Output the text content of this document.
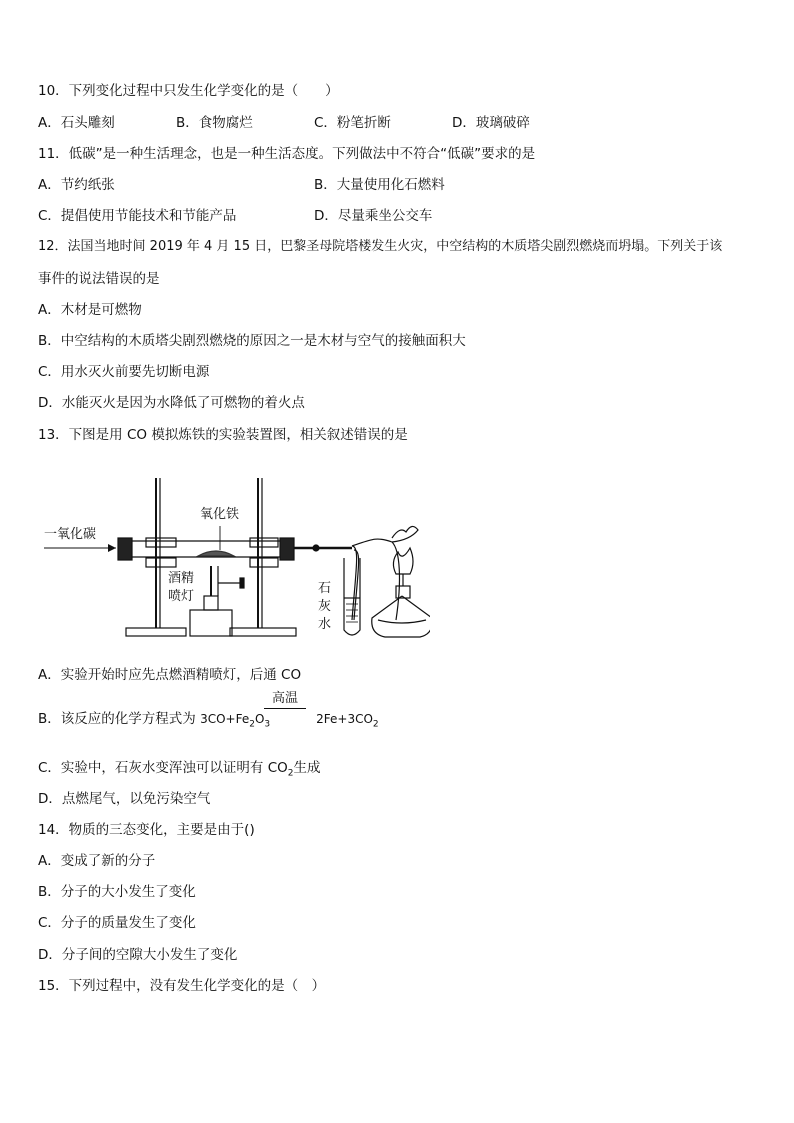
10．下列变化过程中只发生化学变化的是（　　）
A．石头雕刻	B．食物腐烂	C．粉笔折断	D．玻璃破碎
11．低碳”是一种生活理念，也是一种生活态度。下列做法中不符合“低碳”要求的是
A．节约纸张	B．大量使用化石燃料
C．提倡使用节能技术和节能产品	D．尽量乘坐公交车
12．法国当地时间 2019 年 4 月 15 日，巴黎圣母院塔楼发生火灾，中空结构的木质塔尖剧烈燃烧而坍塌。下列关于该
事件的说法错误的是
A．木材是可燃物
B．中空结构的木质塔尖剧烈燃烧的原因之一是木材与空气的接触面积大
C．用水灭火前要先切断电源
D．水能灭火是因为水降低了可燃物的着火点
13．下图是用 CO 模拟炼铁的实验装置图，相关叙述错误的是
一氧化碳
氧化铁
酒精
喷灯
石
灰
水
A．实验开始时应先点燃酒精喷灯，后通 CO
B．该反应的化学方程式为 $3CO+Fe_2O_3$
高温
$2Fe+3CO_2$
C．实验中，石灰水变浑浊可以证明有 $CO_2$生成
D．点燃尾气，以免污染空气
14．物质的三态变化，主要是由于()
A．变成了新的分子
B．分子的大小发生了变化
C．分子的质量发生了变化
D．分子间的空隙大小发生了变化
15．下列过程中，没有发生化学变化的是（　）
